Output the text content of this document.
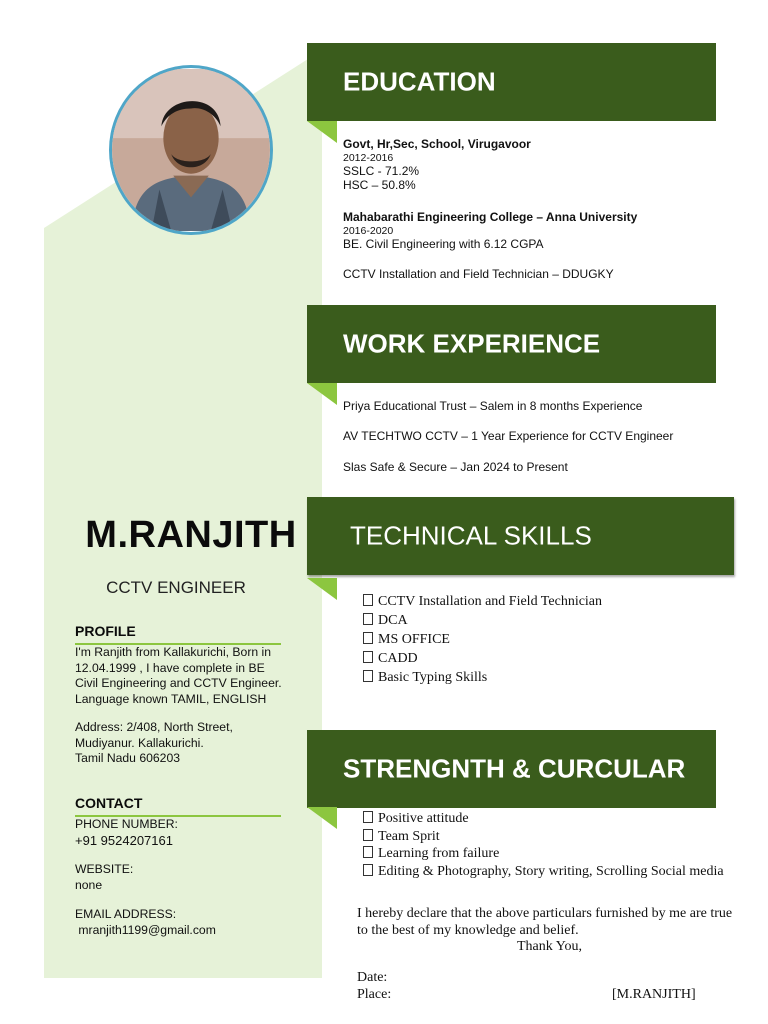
M.RANJITH
CCTV ENGINEER
PROFILE
I'm Ranjith from Kallakurichi, Born in
12.04.1999 , I have complete in BE
Civil Engineering and CCTV Engineer.
Language known TAMIL, ENGLISH
Address: 2/408, North Street,
Mudiyanur. Kallakurichi.
Tamil Nadu 606203
CONTACT
PHONE NUMBER:
+91 9524207161
WEBSITE:
none
EMAIL ADDRESS:
mranjith1199@gmail.com
EDUCATION
Govt, Hr,Sec, School, Virugavoor
2012-2016
SSLC - 71.2%
HSC – 50.8%
Mahabarathi Engineering College – Anna University
2016-2020
BE. Civil Engineering with 6.12 CGPA
CCTV Installation and Field Technician – DDUGKY
WORK EXPERIENCE
Priya Educational Trust – Salem in 8 months Experience
AV TECHTWO CCTV – 1 Year Experience for CCTV Engineer
Slas Safe & Secure – Jan 2024 to Present
TECHNICAL SKILLS
CCTV Installation and Field Technician
DCA
MS OFFICE
CADD
Basic Typing Skills
STRENGNTH & CURCULAR
Positive attitude
Team Sprit
Learning from failure
Editing & Photography, Story writing, Scrolling Social media
I hereby declare that the above particulars furnished by me are true
to the best of my knowledge and belief.
Thank You,
Date:
Place:	[M.RANJITH]
